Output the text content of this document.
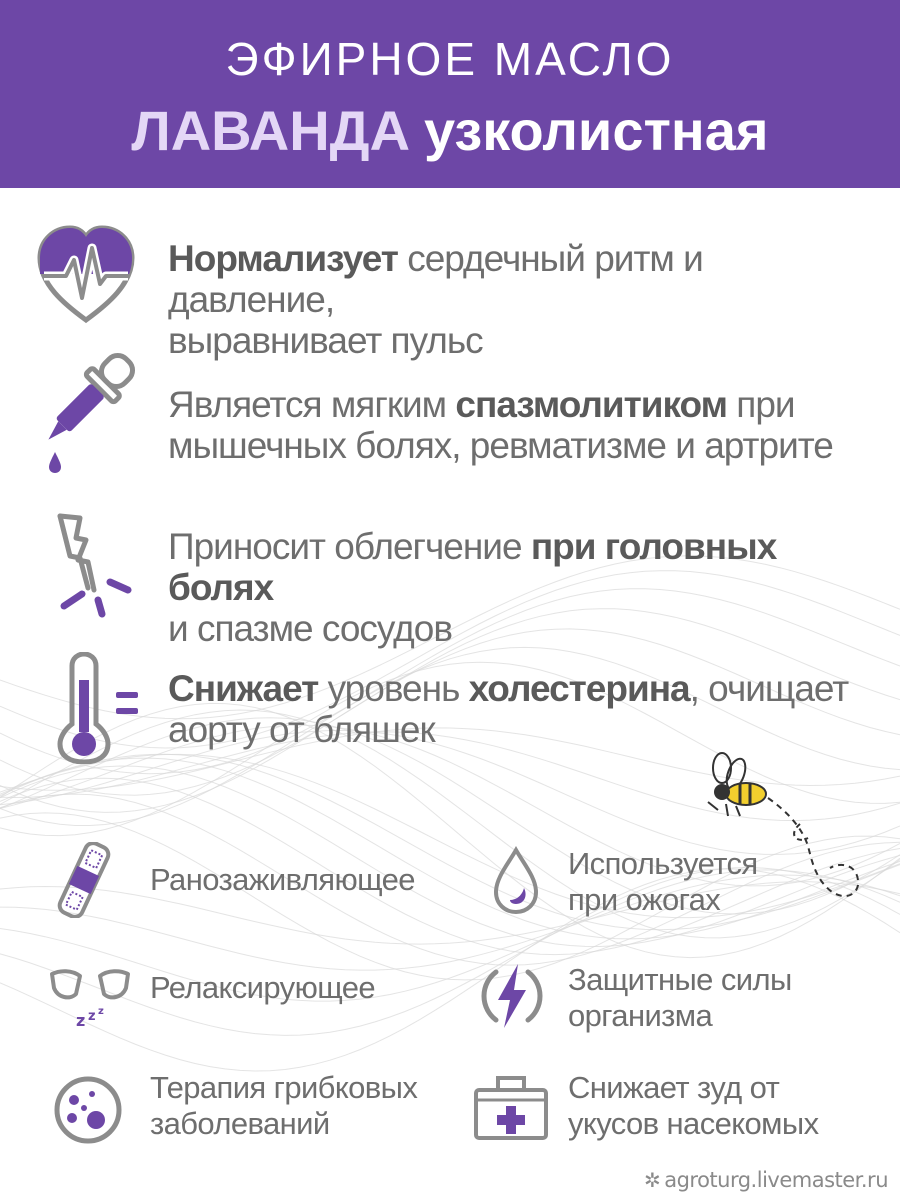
ЭФИРНОЕ МАСЛО
ЛАВАНДА узколистная
Нормализует сердечный ритм и давление,
выравнивает пульс
Является мягким спазмолитиком при
мышечных болях, ревматизме и артрите
Приносит облегчение при головных болях
и спазме сосудов
Снижает уровень холестерина, очищает
аорту от бляшек
Ранозаживляющее	Используется
при ожогах
z z z
Релаксирующее	Защитные силы
организма
Терапия грибковых
заболеваний
Снижает зуд от
укусов насекомых
✲ agroturg.livemaster.ru
